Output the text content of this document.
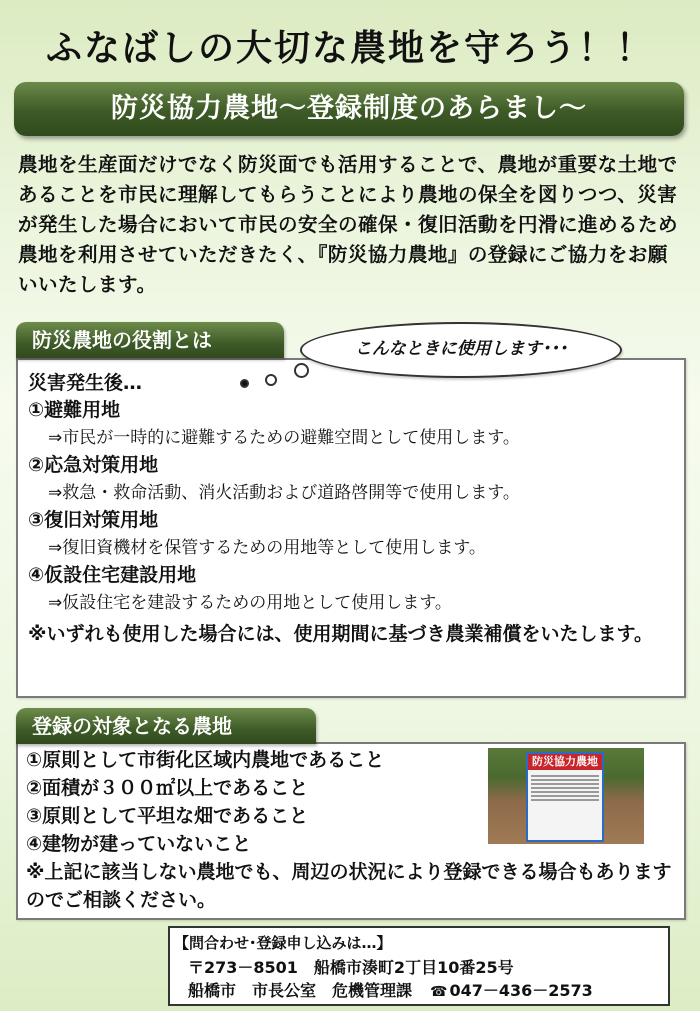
ふなばしの大切な農地を守ろう！！
防災協力農地～登録制度のあらまし～

農地を生産面だけでなく防災面でも活用することで、農地が重要な土地であることを市民に理解してもらうことにより農地の保全を図りつつ、災害が発生した場合において市民の安全の確保・復旧活動を円滑に進めるため農地を利用させていただきたく、『防災協力農地』の登録にご協力をお願いいたします。

災害発生後…
①避難用地
⇒市民が一時的に避難するための避難空間として使用します。
②応急対策用地
⇒救急・救命活動、消火活動および道路啓開等で使用します。
③復旧対策用地
⇒復旧資機材を保管するための用地等として使用します。
④仮設住宅建設用地
⇒仮設住宅を建設するための用地として使用します。
※いずれも使用した場合には、使用期間に基づき農業補償をいたします。
防災農地の役割とは	こんなときに使用します･･･
①原則として市街化区域内農地であること
②面積が３００㎡以上であること
③原則として平坦な畑であること
④建物が建っていないこと
※上記に該当しない農地でも、周辺の状況により登録できる場合もありますのでご相談ください。
登録の対象となる農地
防災協力農地
【問合わせ･登録申し込みは…】
〒273－8501　船橋市湊町2丁目10番25号
船橋市　市長公室　危機管理課 ☎ 047－436－2573
